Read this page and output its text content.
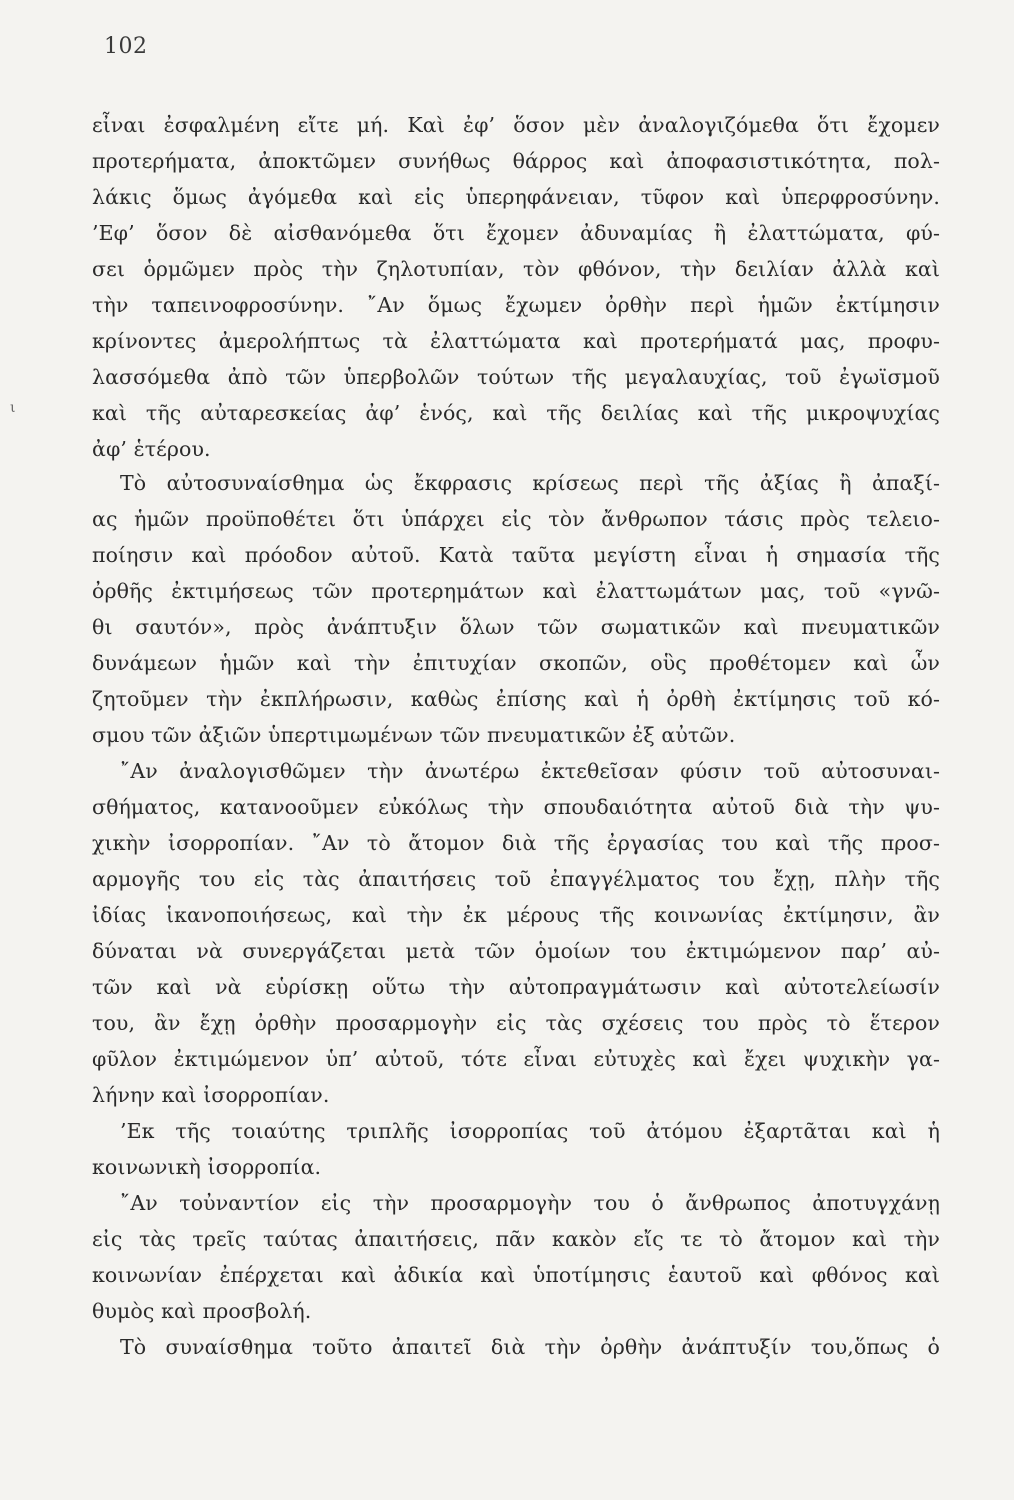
102
ι
εἶναι ἐσφαλμένη εἴτε μή. Καὶ ἐφ’ ὅσον μὲν ἀναλογιζόμεθα ὅτι ἔχομεν
προτερήματα, ἀποκτῶμεν συνήθως θάρρος καὶ ἀποφασιστικότητα, πολ-
λάκις ὅμως ἀγόμεθα καὶ εἰς ὑπερηφάνειαν, τῦφον καὶ ὑπερφροσύνην.
’Εφ’ ὅσον δὲ αἰσθανόμεθα ὅτι ἔχομεν ἀδυναμίας ἢ ἐλαττώματα, φύ-
σει ὁρμῶμεν πρὸς τὴν ζηλοτυπίαν, τὸν φθόνον, τὴν δειλίαν ἀλλὰ καὶ
τὴν ταπεινοφροσύνην. ῎Αν ὅμως ἔχωμεν ὀρθὴν περὶ ἡμῶν ἐκτίμησιν
κρίνοντες ἀμερολήπτως τὰ ἐλαττώματα καὶ προτερήματά μας, προφυ-
λασσόμεθα ἀπὸ τῶν ὑπερβολῶν τούτων τῆς μεγαλαυχίας, τοῦ ἐγωϊσμοῦ
καὶ τῆς αὐταρεσκείας ἀφ’ ἑνός, καὶ τῆς δειλίας καὶ τῆς μικροψυχίας
ἀφ’ ἑτέρου.
Τὸ αὐτοσυναίσθημα ὡς ἔκφρασις κρίσεως περὶ τῆς ἀξίας ἢ ἀπαξί-
ας ἡμῶν προϋποθέτει ὅτι ὑπάρχει εἰς τὸν ἄνθρωπον τάσις πρὸς τελειο-
ποίησιν καὶ πρόοδον αὐτοῦ. Κατὰ ταῦτα μεγίστη εἶναι ἡ σημασία τῆς
ὀρθῆς ἐκτιμήσεως τῶν προτερημάτων καὶ ἐλαττωμάτων μας, τοῦ «γνῶ-
θι σαυτόν», πρὸς ἀνάπτυξιν ὅλων τῶν σωματικῶν καὶ πνευματικῶν
δυνάμεων ἡμῶν καὶ τὴν ἐπιτυχίαν σκοπῶν, οὓς προθέτομεν καὶ ὧν
ζητοῦμεν τὴν ἐκπλήρωσιν, καθὼς ἐπίσης καὶ ἡ ὀρθὴ ἐκτίμησις τοῦ κό-
σμου τῶν ἀξιῶν ὑπερτιμωμένων τῶν πνευματικῶν ἐξ αὐτῶν.
῎Αν ἀναλογισθῶμεν τὴν ἀνωτέρω ἐκτεθεῖσαν φύσιν τοῦ αὐτοσυναι-
σθήματος, κατανοοῦμεν εὐκόλως τὴν σπουδαιότητα αὐτοῦ διὰ τὴν ψυ-
χικὴν ἰσορροπίαν. ῎Αν τὸ ἄτομον διὰ τῆς ἐργασίας του καὶ τῆς προσ-
αρμογῆς του εἰς τὰς ἀπαιτήσεις τοῦ ἐπαγγέλματος του ἔχῃ, πλὴν τῆς
ἰδίας ἱκανοποιήσεως, καὶ τὴν ἐκ μέρους τῆς κοινωνίας ἐκτίμησιν, ἂν
δύναται νὰ συνεργάζεται μετὰ τῶν ὁμοίων του ἐκτιμώμενον παρ’ αὐ-
τῶν καὶ νὰ εὑρίσκῃ οὕτω τὴν αὐτοπραγμάτωσιν καὶ αὐτοτελείωσίν
του, ἂν ἔχῃ ὀρθὴν προσαρμογὴν εἰς τὰς σχέσεις του πρὸς τὸ ἕτερον
φῦλον ἐκτιμώμενον ὑπ’ αὐτοῦ, τότε εἶναι εὐτυχὲς καὶ ἔχει ψυχικὴν γα-
λήνην καὶ ἰσορροπίαν.
’Εκ τῆς τοιαύτης τριπλῆς ἰσορροπίας τοῦ ἀτόμου ἐξαρτᾶται καὶ ἡ
κοινωνικὴ ἰσορροπία.
῎Αν τοὐναντίον εἰς τὴν προσαρμογὴν του ὁ ἄνθρωπος ἀποτυγχάνῃ
εἰς τὰς τρεῖς ταύτας ἀπαιτήσεις, πᾶν κακὸν εἴς τε τὸ ἄτομον καὶ τὴν
κοινωνίαν ἐπέρχεται καὶ ἀδικία καὶ ὑποτίμησις ἑαυτοῦ καὶ φθόνος καὶ
θυμὸς καὶ προσβολή.
Τὸ συναίσθημα τοῦτο ἀπαιτεῖ διὰ τὴν ὀρθὴν ἀνάπτυξίν του,ὅπως ὁ
